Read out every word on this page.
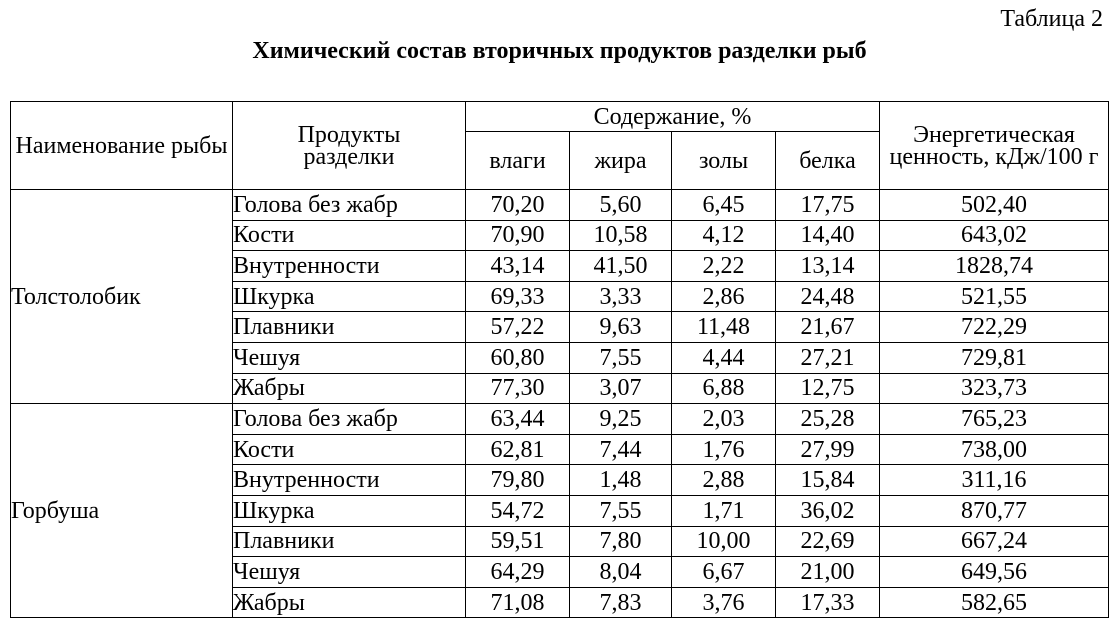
Таблица 2
Химический состав вторичных продуктов разделки рыб
Наименование рыбы	Продукты разделки	Содержание, %				Энергетическая ценность, кДж/100 г

		влаги	жира	золы	белка	
Толстолобик	Голова без жабр	70,20	5,60	6,45	17,75	502,40
	Кости	70,90	10,58	4,12	14,40	643,02
	Внутренности	43,14	41,50	2,22	13,14	1828,74
	Шкурка	69,33	3,33	2,86	24,48	521,55
	Плавники	57,22	9,63	11,48	21,67	722,29
	Чешуя	60,80	7,55	4,44	27,21	729,81
	Жабры	77,30	3,07	6,88	12,75	323,73
Горбуша	Голова без жабр	63,44	9,25	2,03	25,28	765,23
	Кости	62,81	7,44	1,76	27,99	738,00
	Внутренности	79,80	1,48	2,88	15,84	311,16
	Шкурка	54,72	7,55	1,71	36,02	870,77
	Плавники	59,51	7,80	10,00	22,69	667,24
	Чешуя	64,29	8,04	6,67	21,00	649,56
	Жабры	71,08	7,83	3,76	17,33	582,65
